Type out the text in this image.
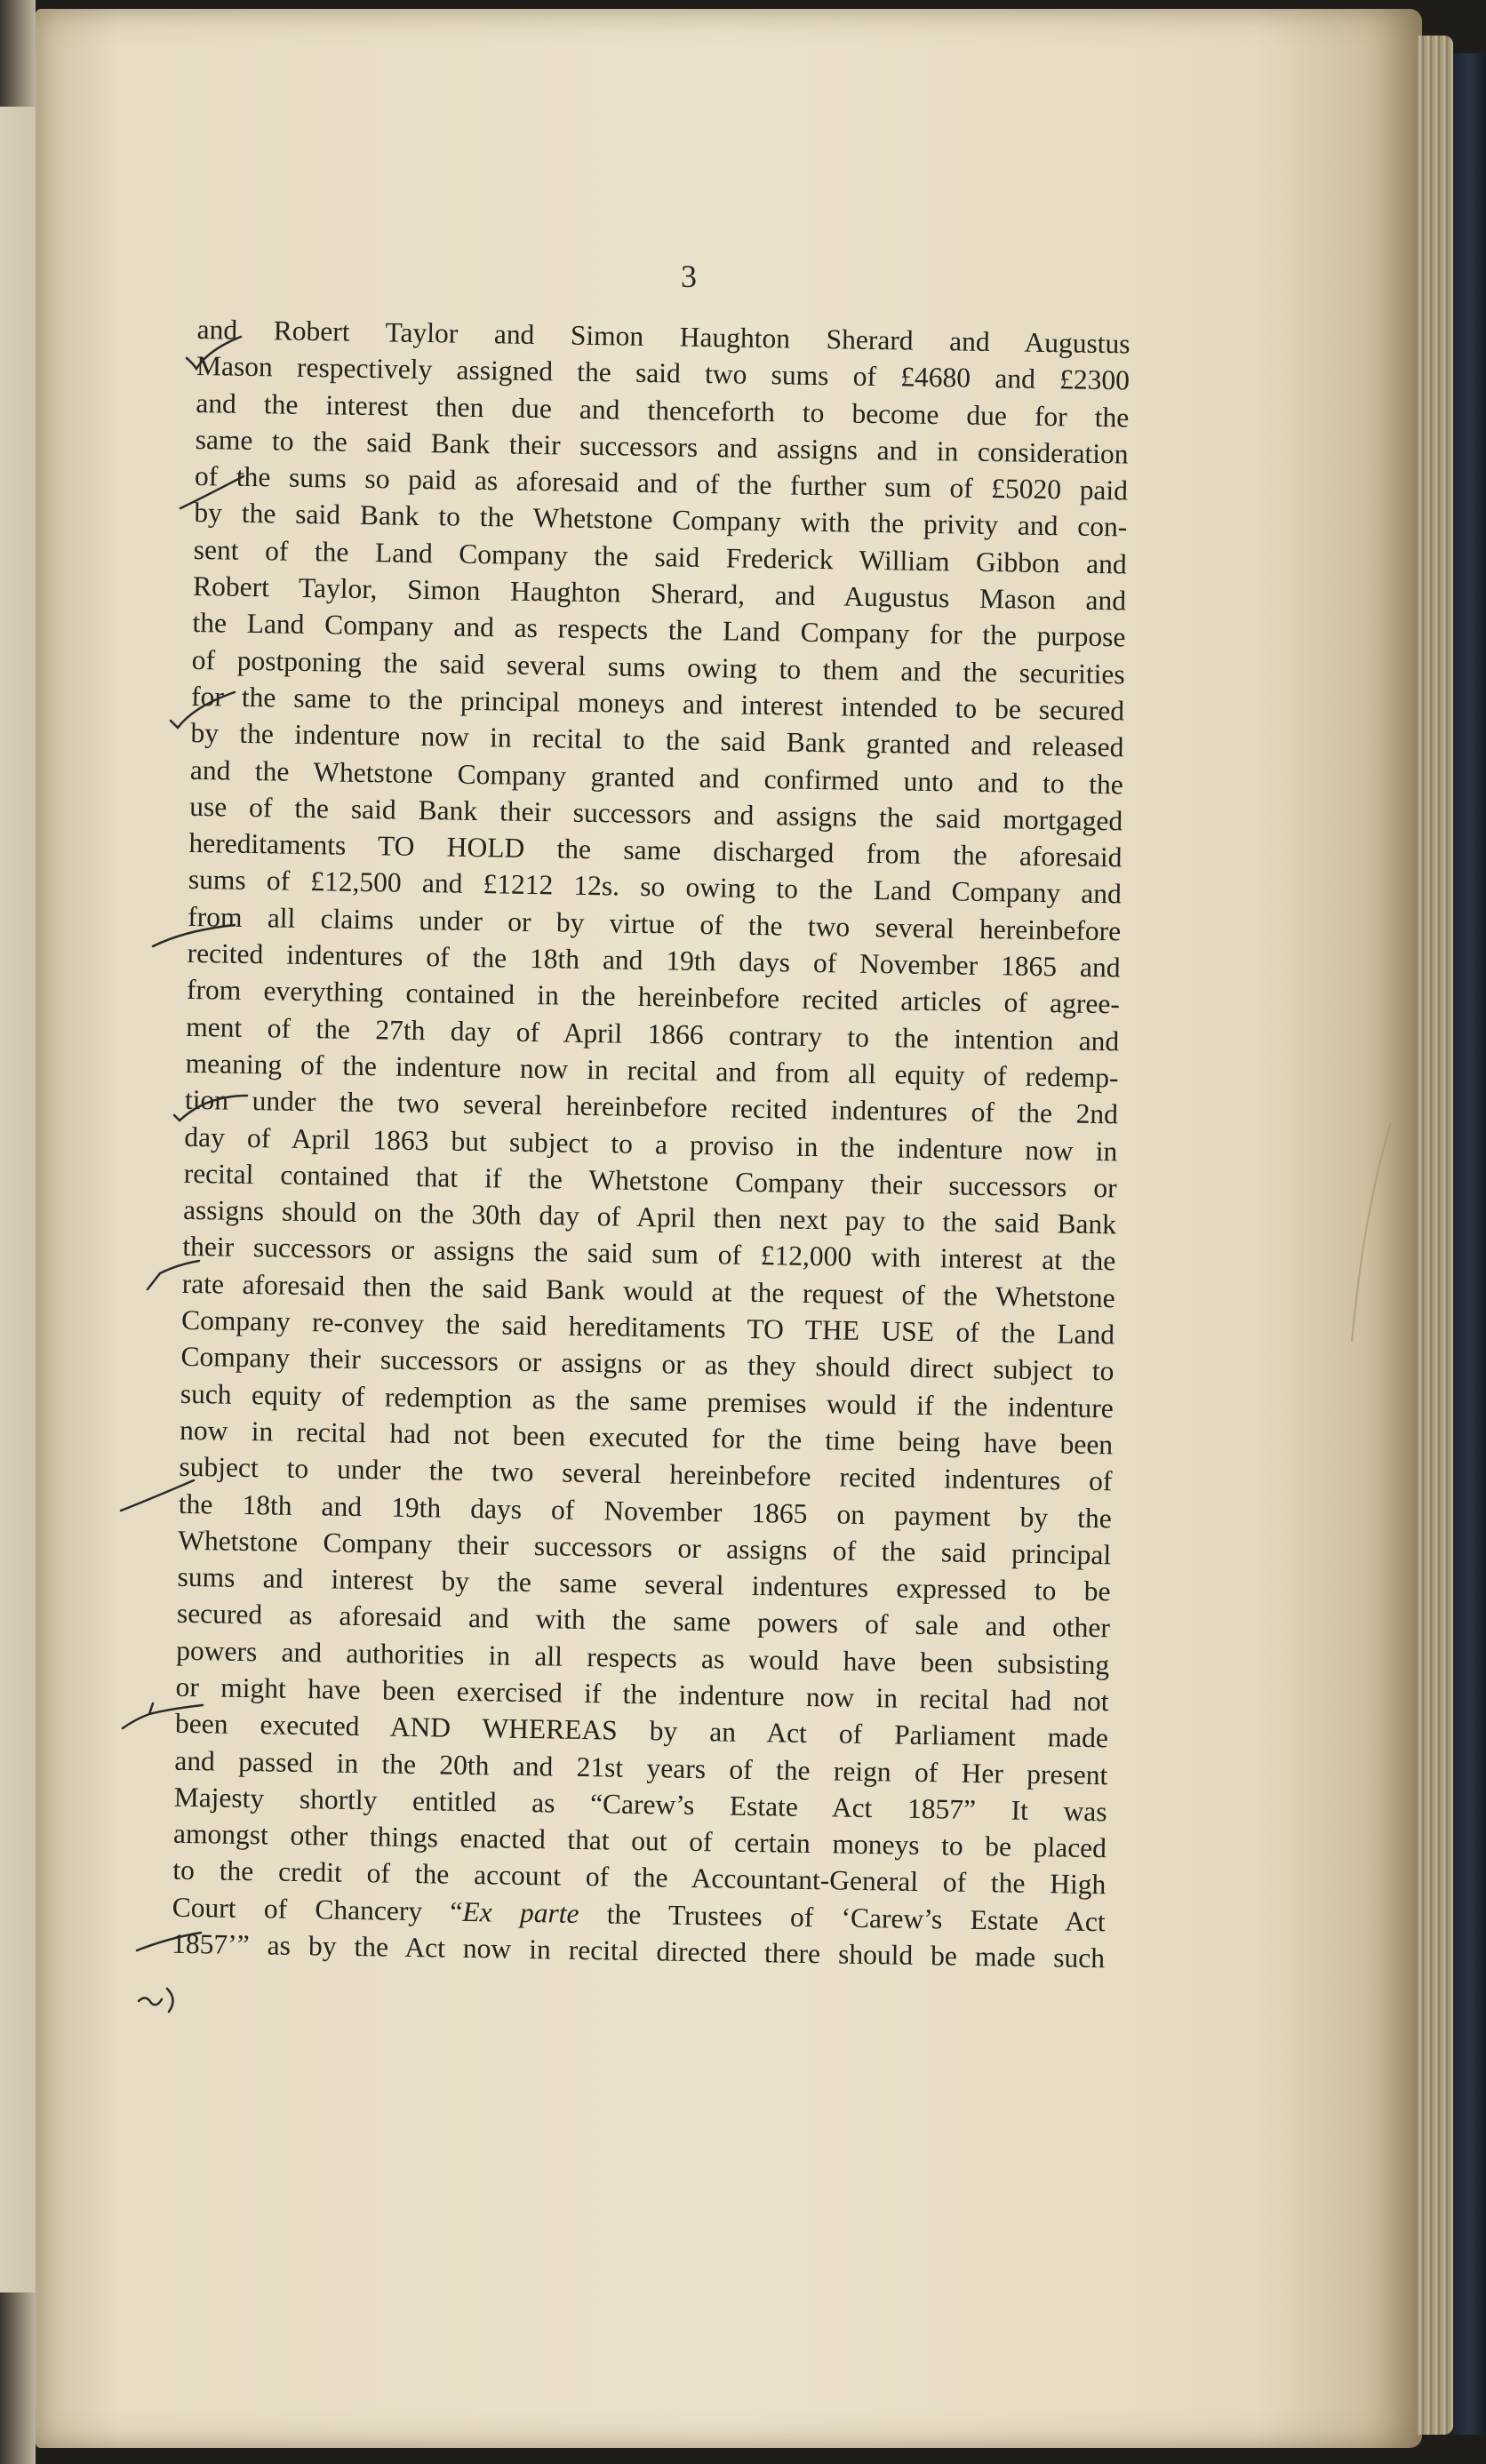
3
and Robert Taylor and Simon Haughton Sherard and Augustus
Mason respectively assigned the said two sums of £4680 and £2300
and the interest then due and thenceforth to become due for the
same to the said Bank their successors and assigns and in consideration
of the sums so paid as aforesaid and of the further sum of £5020 paid
by the said Bank to the Whetstone Company with the privity and con-
sent of the Land Company the said Frederick William Gibbon and
Robert Taylor, Simon Haughton Sherard, and Augustus Mason and
the Land Company and as respects the Land Company for the purpose
of postponing the said several sums owing to them and the securities
for the same to the principal moneys and interest intended to be secured
by the indenture now in recital to the said Bank granted and released
and the Whetstone Company granted and confirmed unto and to the
use of the said Bank their successors and assigns the said mortgaged
hereditaments TO HOLD the same discharged from the aforesaid
sums of £12,500 and £1212 12s. so owing to the Land Company and
from all claims under or by virtue of the two several hereinbefore
recited indentures of the 18th and 19th days of November 1865 and
from everything contained in the hereinbefore recited articles of agree-
ment of the 27th day of April 1866 contrary to the intention and
meaning of the indenture now in recital and from all equity of redemp-
tion under the two several hereinbefore recited indentures of the 2nd
day of April 1863 but subject to a proviso in the indenture now in
recital contained that if the Whetstone Company their successors or
assigns should on the 30th day of April then next pay to the said Bank
their successors or assigns the said sum of £12,000 with interest at the
rate aforesaid then the said Bank would at the request of the Whetstone
Company re-convey the said hereditaments TO THE USE of the Land
Company their successors or assigns or as they should direct subject to
such equity of redemption as the same premises would if the indenture
now in recital had not been executed for the time being have been
subject to under the two several hereinbefore recited indentures of
the 18th and 19th days of November 1865 on payment by the
Whetstone Company their successors or assigns of the said principal
sums and interest by the same several indentures expressed to be
secured as aforesaid and with the same powers of sale and other
powers and authorities in all respects as would have been subsisting
or might have been exercised if the indenture now in recital had not
been executed AND WHEREAS by an Act of Parliament made
and passed in the 20th and 21st years of the reign of Her present
Majesty shortly entitled as “Carew’s Estate Act 1857” It was
amongst other things enacted that out of certain moneys to be placed
to the credit of the account of the Accountant-General of the High
Court of Chancery “Ex parte the Trustees of ‘Carew’s Estate Act
1857’” as by the Act now in recital directed there should be made such
